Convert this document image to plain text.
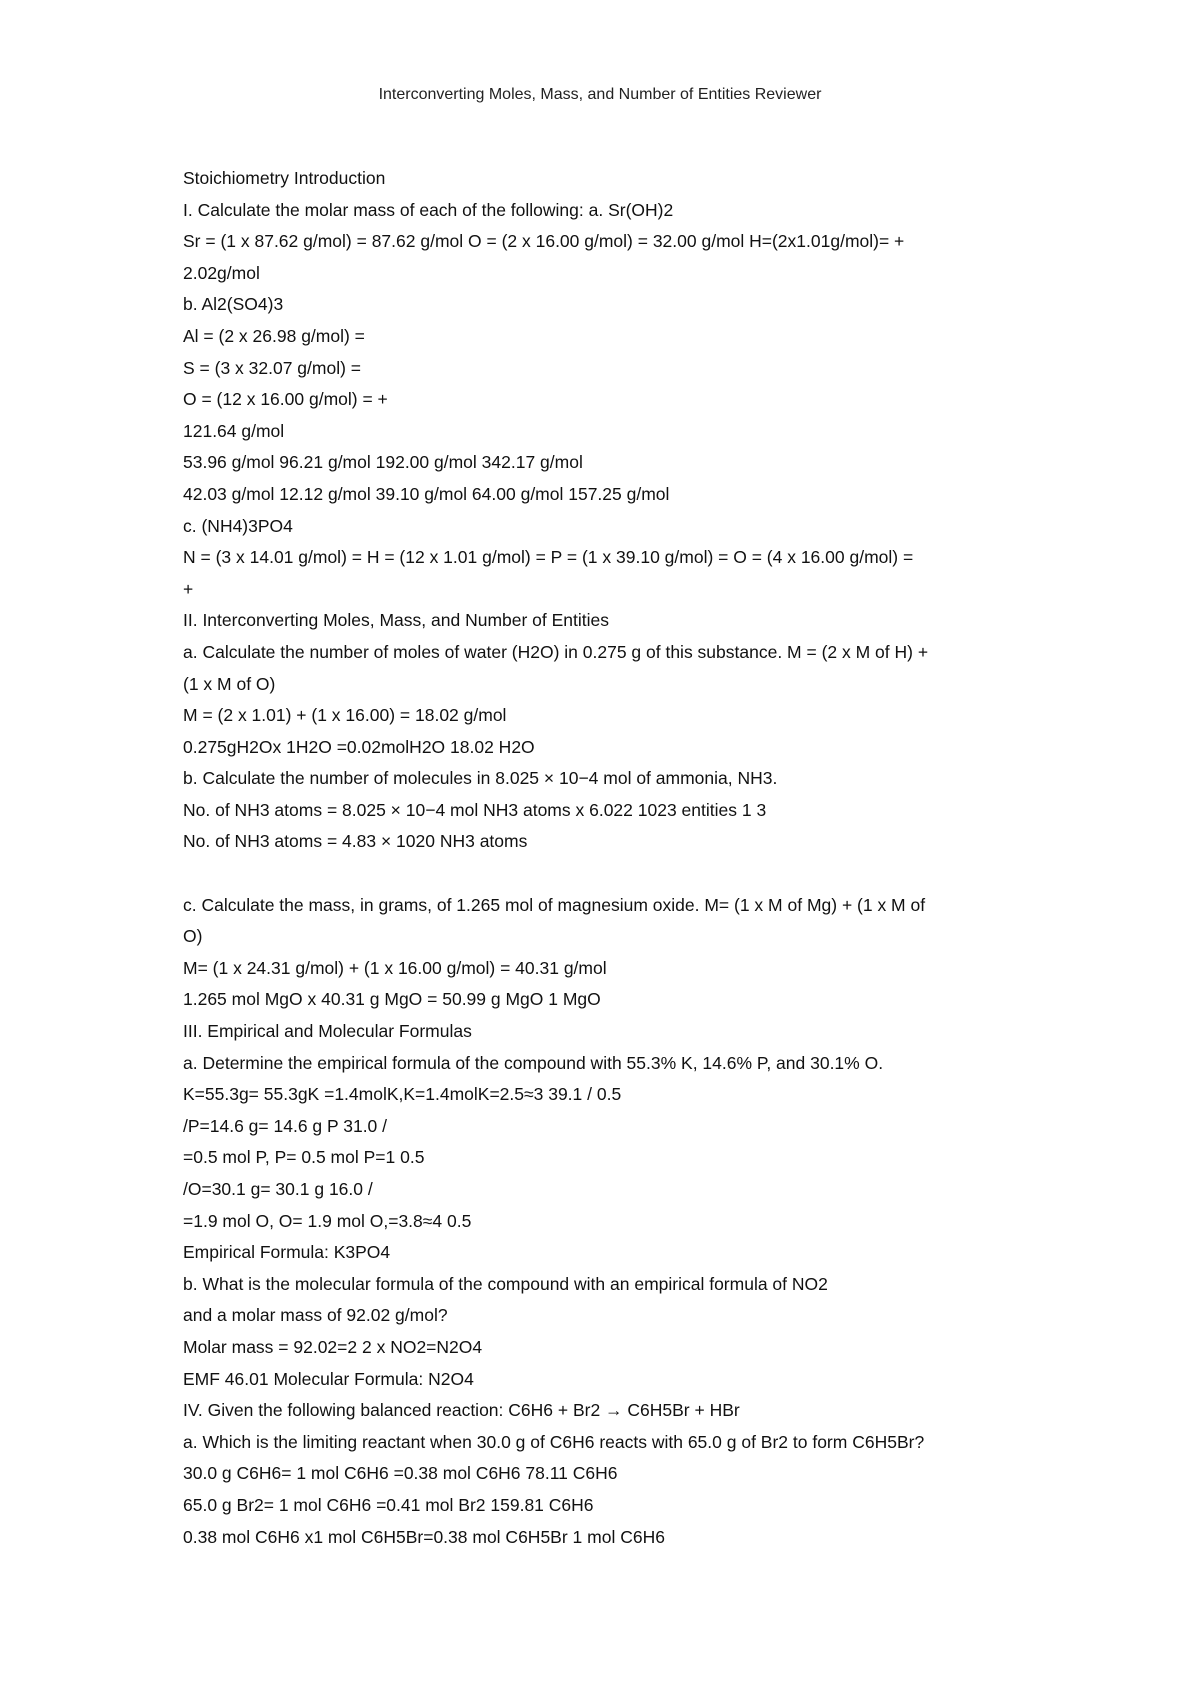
Interconverting Moles, Mass, and Number of Entities Reviewer
Stoichiometry Introduction
I. Calculate the molar mass of each of the following: a. Sr(OH)2
Sr = (1 x 87.62 g/mol) = 87.62 g/mol O = (2 x 16.00 g/mol) = 32.00 g/mol H=(2x1.01g/mol)= +
2.02g/mol
b. Al2(SO4)3
Al = (2 x 26.98 g/mol) =
S = (3 x 32.07 g/mol) =
O = (12 x 16.00 g/mol) = +
121.64 g/mol
53.96 g/mol 96.21 g/mol 192.00 g/mol 342.17 g/mol
42.03 g/mol 12.12 g/mol 39.10 g/mol 64.00 g/mol 157.25 g/mol
c. (NH4)3PO4
N = (3 x 14.01 g/mol) = H = (12 x 1.01 g/mol) = P = (1 x 39.10 g/mol) = O = (4 x 16.00 g/mol) =
+
II. Interconverting Moles, Mass, and Number of Entities
a. Calculate the number of moles of water (H2O) in 0.275 g of this substance. M = (2 x M of H) +
(1 x M of O)
M = (2 x 1.01) + (1 x 16.00) = 18.02 g/mol
0.275gH2Ox 1H2O =0.02molH2O 18.02 H2O
b. Calculate the number of molecules in 8.025 × 10−4 mol of ammonia, NH3.
No. of NH3 atoms = 8.025 × 10−4 mol NH3 atoms x 6.022 1023 entities 1 3
No. of NH3 atoms = 4.83 × 1020 NH3 atoms
c. Calculate the mass, in grams, of 1.265 mol of magnesium oxide. M= (1 x M of Mg) + (1 x M of
O)
M= (1 x 24.31 g/mol) + (1 x 16.00 g/mol) = 40.31 g/mol
1.265 mol MgO x 40.31 g MgO = 50.99 g MgO 1 MgO
III. Empirical and Molecular Formulas
a. Determine the empirical formula of the compound with 55.3% K, 14.6% P, and 30.1% O.
K=55.3g= 55.3gK =1.4molK,K=1.4molK=2.5≈3 39.1 / 0.5
/P=14.6 g= 14.6 g P 31.0 /
=0.5 mol P, P= 0.5 mol P=1 0.5
/O=30.1 g= 30.1 g 16.0 /
=1.9 mol O, O= 1.9 mol O,=3.8≈4 0.5
Empirical Formula: K3PO4
b. What is the molecular formula of the compound with an empirical formula of NO2
and a molar mass of 92.02 g/mol?
Molar mass = 92.02=2 2 x NO2=N2O4
EMF 46.01 Molecular Formula: N2O4
IV. Given the following balanced reaction: C6H6 + Br2 → C6H5Br + HBr
a. Which is the limiting reactant when 30.0 g of C6H6 reacts with 65.0 g of Br2 to form C6H5Br?
30.0 g C6H6= 1 mol C6H6 =0.38 mol C6H6 78.11 C6H6
65.0 g Br2= 1 mol C6H6 =0.41 mol Br2 159.81 C6H6
0.38 mol C6H6 x1 mol C6H5Br=0.38 mol C6H5Br 1 mol C6H6
